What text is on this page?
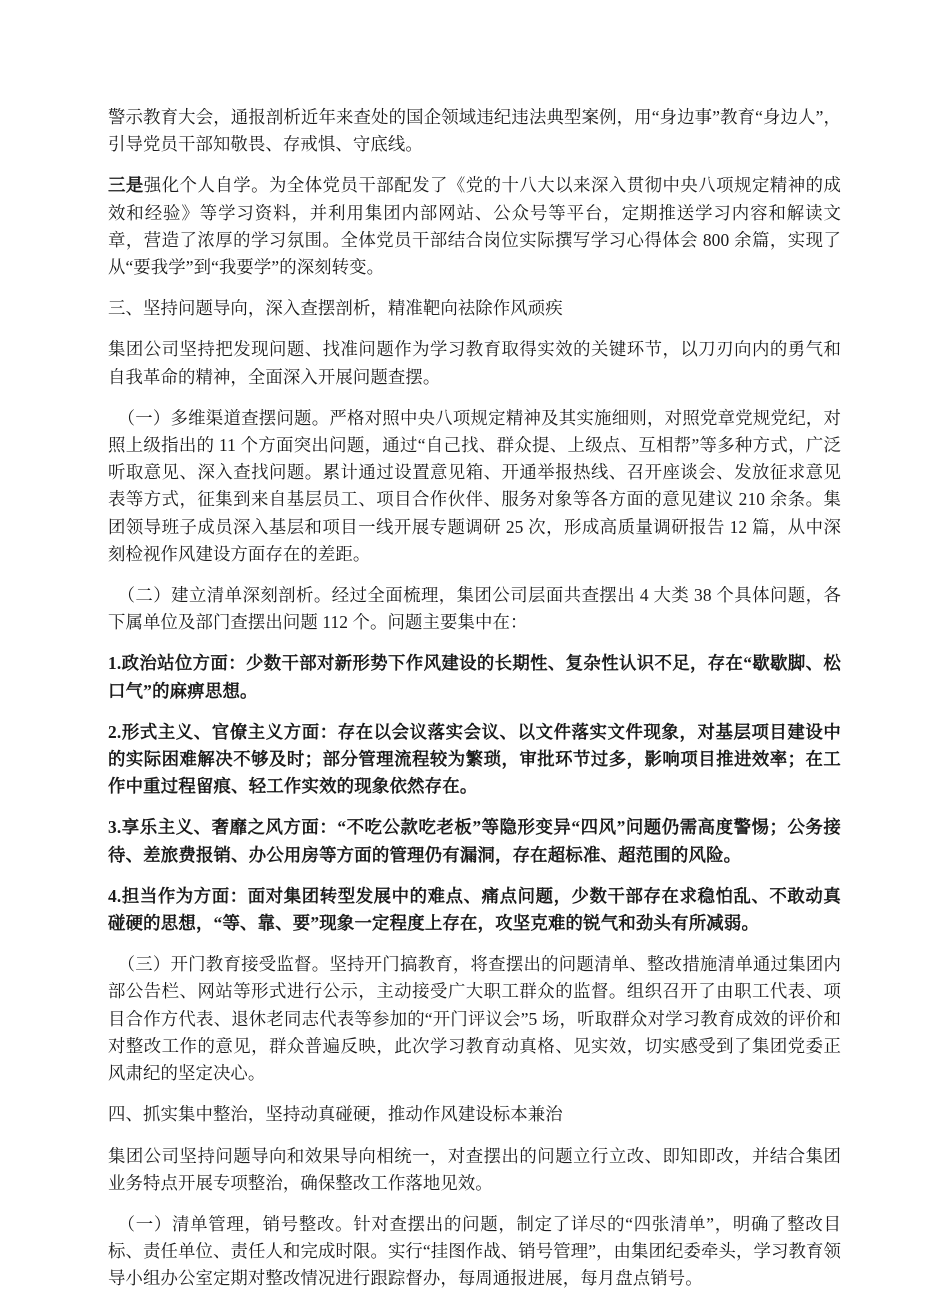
警示教育大会，通报剖析近年来查处的国企领域违纪违法典型案例，用“身边事”教育“身边人”，引导党员干部知敬畏、存戒惧、守底线。

三是强化个人自学。为全体党员干部配发了《党的十八大以来深入贯彻中央八项规定精神的成效和经验》等学习资料，并利用集团内部网站、公众号等平台，定期推送学习内容和解读文章，营造了浓厚的学习氛围。全体党员干部结合岗位实际撰写学习心得体会 800 余篇，实现了从“要我学”到“我要学”的深刻转变。

三、坚持问题导向，深入查摆剖析，精准靶向祛除作风顽疾

集团公司坚持把发现问题、找准问题作为学习教育取得实效的关键环节，以刀刃向内的勇气和自我革命的精神，全面深入开展问题查摆。

（一）多维渠道查摆问题。严格对照中央八项规定精神及其实施细则，对照党章党规党纪，对照上级指出的 11 个方面突出问题，通过“自己找、群众提、上级点、互相帮”等多种方式，广泛听取意见、深入查找问题。累计通过设置意见箱、开通举报热线、召开座谈会、发放征求意见表等方式，征集到来自基层员工、项目合作伙伴、服务对象等各方面的意见建议 210 余条。集团领导班子成员深入基层和项目一线开展专题调研 25 次，形成高质量调研报告 12 篇，从中深刻检视作风建设方面存在的差距。

（二）建立清单深刻剖析。经过全面梳理，集团公司层面共查摆出 4 大类 38 个具体问题，各下属单位及部门查摆出问题 112 个。问题主要集中在：

1.政治站位方面：少数干部对新形势下作风建设的长期性、复杂性认识不足，存在“歇歇脚、松口气”的麻痹思想。

2.形式主义、官僚主义方面：存在以会议落实会议、以文件落实文件现象，对基层项目建设中的实际困难解决不够及时；部分管理流程较为繁琐，审批环节过多，影响项目推进效率；在工作中重过程留痕、轻工作实效的现象依然存在。

3.享乐主义、奢靡之风方面：“不吃公款吃老板”等隐形变异“四风”问题仍需高度警惕；公务接待、差旅费报销、办公用房等方面的管理仍有漏洞，存在超标准、超范围的风险。

4.担当作为方面：面对集团转型发展中的难点、痛点问题，少数干部存在求稳怕乱、不敢动真碰硬的思想，“等、靠、要”现象一定程度上存在，攻坚克难的锐气和劲头有所减弱。

（三）开门教育接受监督。坚持开门搞教育，将查摆出的问题清单、整改措施清单通过集团内部公告栏、网站等形式进行公示，主动接受广大职工群众的监督。组织召开了由职工代表、项目合作方代表、退休老同志代表等参加的“开门评议会”5 场，听取群众对学习教育成效的评价和对整改工作的意见，群众普遍反映，此次学习教育动真格、见实效，切实感受到了集团党委正风肃纪的坚定决心。

四、抓实集中整治，坚持动真碰硬，推动作风建设标本兼治

集团公司坚持问题导向和效果导向相统一，对查摆出的问题立行立改、即知即改，并结合集团业务特点开展专项整治，确保整改工作落地见效。

（一）清单管理，销号整改。针对查摆出的问题，制定了详尽的“四张清单”，明确了整改目标、责任单位、责任人和完成时限。实行“挂图作战、销号管理”，由集团纪委牵头，学习教育领导小组办公室定期对整改情况进行跟踪督办，每周通报进展，每月盘点销号。
